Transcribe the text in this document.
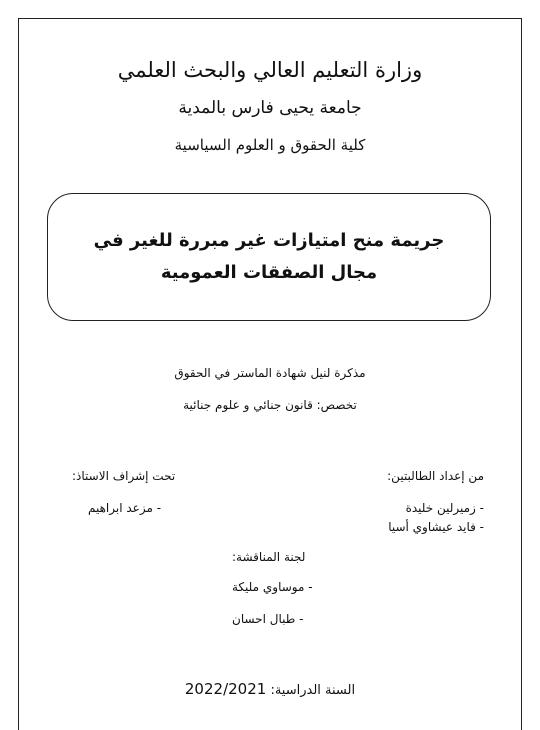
وزارة التعليم العالي والبحث العلمي
جامعة يحيى فارس بالمدية
كلية الحقوق و العلوم السياسية
جريمة منح امتيازات غير مبررة للغير في مجال الصفقات العمومية
مذكرة لنيل شهادة الماستر في الحقوق
تخصص: قانون جنائي و علوم جنائية
من إعداد الطالبتين:
- زميرلين خليدة
- فايد عيشاوي أسيا
تحت إشراف الاستاذ:
- مزعد ابراهيم
لجنة المناقشة:
- موساوي مليكة
- طبال احسان
السنة الدراسية: 2022/2021
